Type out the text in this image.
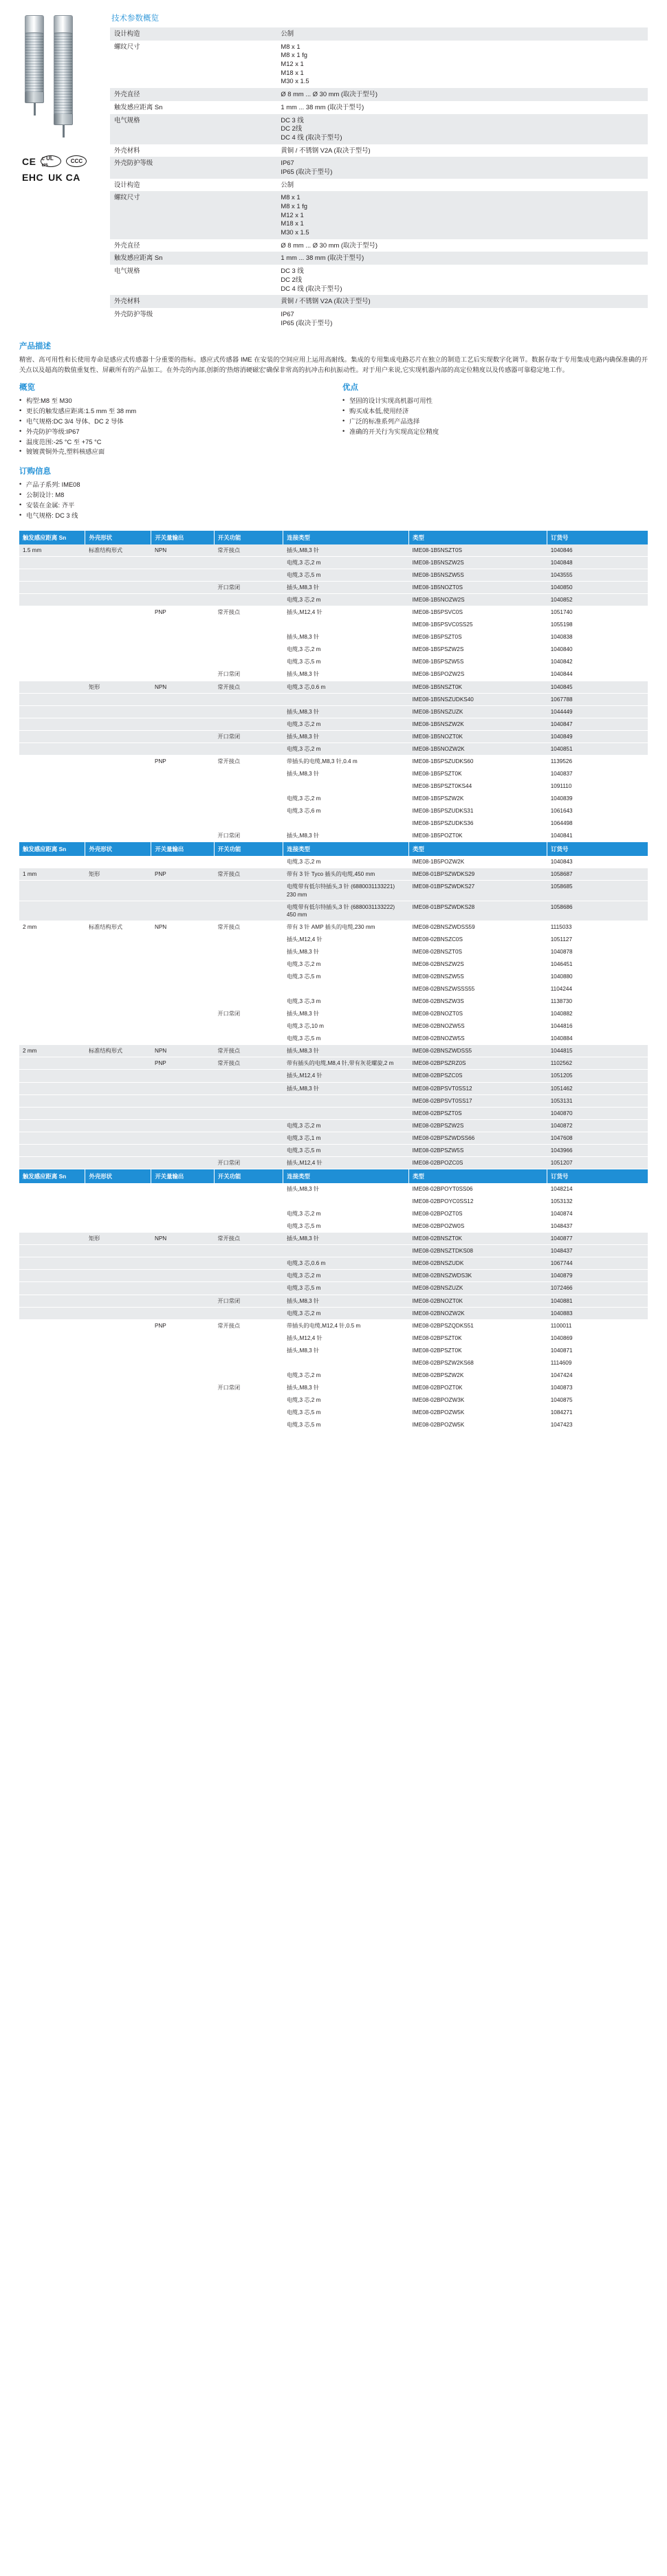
CE c UL us	CCC
EHC UK CA
技术参数概览
设计构造	公制
螺纹尺寸	M8 x 1
M8 x 1 fg
M12 x 1
M18 x 1
M30 x 1.5
外壳直径	Ø 8 mm ... Ø 30 mm (取决于型号)
触发感应距离 Sn	1 mm ... 38 mm (取决于型号)
电气规格	DC 3 线
DC 2线
DC 4 线 (取决于型号)
外壳材料	黄铜 / 不锈钢 V2A (取决于型号)
外壳防护等级	IP67
IP65 (取决于型号)
设计构造	公制
螺纹尺寸	M8 x 1
M8 x 1 fg
M12 x 1
M18 x 1
M30 x 1.5
外壳直径	Ø 8 mm ... Ø 30 mm (取决于型号)
触发感应距离 Sn	1 mm ... 38 mm (取决于型号)
电气规格	DC 3 线
DC 2线
DC 4 线 (取决于型号)
外壳材料	黄铜 / 不锈钢 V2A (取决于型号)
外壳防护等级	IP67
IP65 (取决于型号)
产品描述

精密、高可用性和长使用寿命是感应式传感器十分重要的指标。感应式传感器 IME 在安装的空间应用上运用高耐线。集成的专用集成电路芯片在独立的制造工艺后实现数字化调节。数据存取于专用集成电路内确保准确的开关点以及超高的数值重复性、屏蔽所有的产品加工。在外壳的内部,创新的'热熔消硬磁宏'确保非常高的抗冲击和抗振动性。对于用户来说,它实现机器内部的高定位精度以及传感器可靠稳定地工作。

概览
• 构型:M8 至 M30
• 更长的触发感应距离:1.5 mm 至 38 mm
• 电气规格:DC 3/4 导体、DC 2 导体
• 外壳防护等级:IP67
• 温度范围:-25 °C 至 +75 °C
• 镀镀黄铜外壳,塑料核感应面
优点
• 坚固的设计实现高机器可用性
• 购买成本低,使用经济
• 广泛的标准系列产品选择
• 准确的开关行为实现高定位精度
订购信息
• 产品子系列: IME08
• 公制设计: M8
• 安装在金属: 齐平
• 电气规格: DC 3 线
触发感应距离 Sn	外壳形状	开关量输出	开关功能	连接类型	类型	订货号
1.5 mm	标准结构形式	NPN	常开接点	插头,M8,3 针	IME08-1B5NSZT0S	1040846
				电缆,3 芯,2 m	IME08-1B5NSZW2S	1040848
				电缆,3 芯,5 m	IME08-1B5NSZW5S	1043555
			开口常闭	插头,M8,3 针	IME08-1B5NOZT0S	1040850
				电缆,3 芯,2 m	IME08-1B5NOZW2S	1040852
		PNP	常开接点	插头,M12,4 针	IME08-1B5PSVC0S	1051740
					IME08-1B5PSVC0SS25	1055198
				插头,M8,3 针	IME08-1B5PSZT0S	1040838
				电缆,3 芯,2 m	IME08-1B5PSZW2S	1040840
				电缆,3 芯,5 m	IME08-1B5PSZW5S	1040842
			开口常闭	插头,M8,3 针	IME08-1B5POZW2S	1040844
	矩形	NPN	常开接点	电缆,3 芯,0.6 m	IME08-1B5NSZT0K	1040845
					IME08-1B5NSZUDKS40	1067788
				插头,M8,3 针	IME08-1B5NSZUZK	1044449
				电缆,3 芯,2 m	IME08-1B5NSZW2K	1040847
			开口常闭	插头,M8,3 针	IME08-1B5NOZT0K	1040849
				电缆,3 芯,2 m	IME08-1B5NOZW2K	1040851
		PNP	常开接点	带插头的电缆,M8,3 针,0.4 m	IME08-1B5PSZUDKS60	1139526
				插头,M8,3 针	IME08-1B5PSZT0K	1040837
					IME08-1B5PSZT0KS44	1091110
				电缆,3 芯,2 m	IME08-1B5PSZW2K	1040839
				电缆,3 芯,6 m	IME08-1B5PSZUDKS31	1061643
					IME08-1B5PSZUDKS36	1064498
			开口常闭	插头,M8,3 针	IME08-1B5POZT0K	1040841
触发感应距离 Sn	外壳形状	开关量输出	开关功能	连接类型	类型	订货号
				电缆,3 芯,2 m	IME08-1B5POZW2K	1040843
1 mm	矩形	PNP	常开接点	带有 3 针 Tyco 插头的电缆,450 mm	IME08-01BPSZWDKS29	1058687
				电缆带有低尔特插头,3 针 (6880031133221) 230 mm	IME08-01BPSZWDKS27	1058685
				电缆带有低尔特插头,3 针 (6880031133222) 450 mm	IME08-01BPSZWDKS28	1058686
2 mm	标准结构形式	NPN	常开接点	带有 3 针 AMP 插头的电缆,230 mm	IME08-02BNSZWDSS59	1115033
				插头,M12,4 针	IME08-02BNSZC0S	1051127
				插头,M8,3 针	IME08-02BNSZT0S	1040878
				电缆,3 芯,2 m	IME08-02BNSZW2S	1046451
				电缆,3 芯,5 m	IME08-02BNSZW5S	1040880
					IME08-02BNSZWSSS55	1104244
				电缆,3 芯,3 m	IME08-02BNSZW3S	1138730
			开口常闭	插头,M8,3 针	IME08-02BNOZT0S	1040882
				电缆,3 芯,10 m	IME08-02BNOZW5S	1044816
				电缆,3 芯,5 m	IME08-02BNOZW5S	1040884
2 mm	标准结构形式	NPN	常开接点	插头,M8,3 针	IME08-02BNSZWDSS5	1044815
		PNP	常开接点	带有插头的电缆,M8,4 针,带有灰花螺旋,2 m	IME08-02BPSZRZ0S	1102562
				插头,M12,4 针	IME08-02BPSZC0S	1051205
				插头,M8,3 针	IME08-02BPSVT0SS12	1051462
					IME08-02BPSVT0SS17	1053131
					IME08-02BPSZT0S	1040870
				电缆,3 芯,2 m	IME08-02BPSZW2S	1040872
				电缆,3 芯,1 m	IME08-02BPSZWDSS66	1047608
				电缆,3 芯,5 m	IME08-02BPSZW5S	1043966
			开口常闭	插头,M12,4 针	IME08-02BPOZC0S	1051207
触发感应距离 Sn	外壳形状	开关量输出	开关功能	连接类型	类型	订货号
				插头,M8,3 针	IME08-02BPOYT0SS06	1048214
					IME08-02BPOYC0SS12	1053132
				电缆,3 芯,2 m	IME08-02BPOZT0S	1040874
				电缆,3 芯,5 m	IME08-02BPOZW0S	1048437
	矩形	NPN	常开接点	插头,M8,3 针	IME08-02BNSZT0K	1040877
					IME08-02BNSZTDKS08	1048437
				电缆,3 芯,0.6 m	IME08-02BNSZUDK	1067744
				电缆,3 芯,2 m	IME08-02BNSZWDS3K	1040879
				电缆,3 芯,5 m	IME08-02BNSZUZK	1072466
			开口常闭	插头,M8,3 针	IME08-02BNOZT0K	1040881
				电缆,3 芯,2 m	IME08-02BNOZW2K	1040883
		PNP	常开接点	带插头的电缆,M12,4 针,0.5 m	IME08-02BPSZQDKS51	1100011
				插头,M12,4 针	IME08-02BPSZT0K	1040869
				插头,M8,3 针	IME08-02BPSZT0K	1040871
					IME08-02BPSZW2KS68	1114609
				电缆,3 芯,2 m	IME08-02BPSZW2K	1047424
			开口常闭	插头,M8,3 针	IME08-02BPOZT0K	1040873
				电缆,3 芯,2 m	IME08-02BPOZW3K	1040875
				电缆,3 芯,5 m	IME08-02BPOZW5K	1084271
				电缆,3 芯,5 m	IME08-02BPOZW5K	1047423
